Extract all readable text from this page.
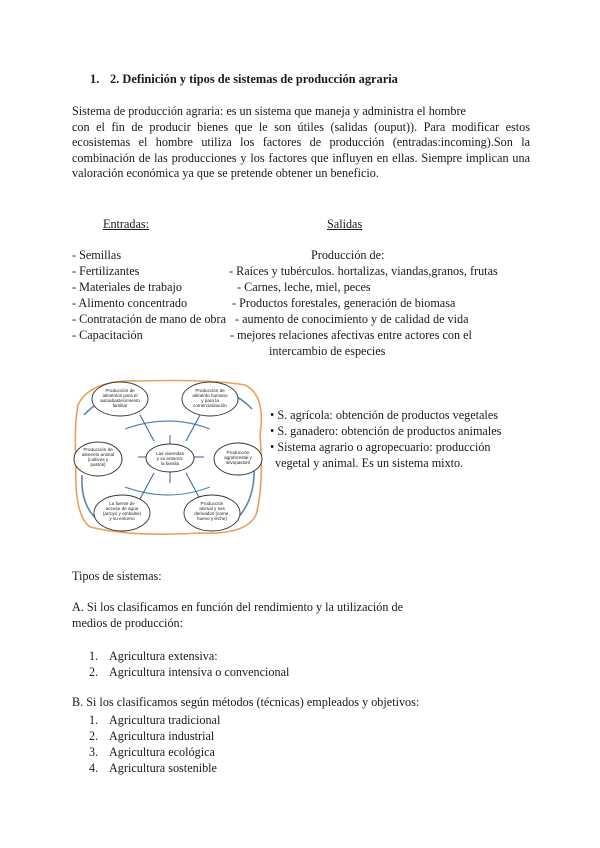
1. 2. Definición y tipos de sistemas de producción agraria
Sistema de producción agraria: es un sistema que maneja y administra el hombre
con el fin de producir bienes que le son útiles (salidas (ouput)). Para modificar estos
ecosistemas el hombre utiliza los factores de producción (entradas:incoming).Son la
combinación de las producciones y los factores que influyen en ellas. Siempre implican una
valoración económica ya que se pretende obtener un beneficio.
Entradas:	Salidas
Producción de:
- Semillas
- Fertilizantes
- Materiales de trabajo
- Alimento concentrado
- Contratación de mano de obra
- Capacitación
- Raíces y tubérculos. hortalizas, viandas,granos, frutas
- Carnes, leche, miel, peces
- Productos forestales, generación de biomasa
- aumento de conocimiento y de calidad de vida
- mejores relaciones afectivas entre actores con el
intercambio de especies
Las viviendas
y su entorno:
la familia
Producción de
alimentos para el
autoabastecimiento
familiar
Producción de
alimento humano
y para la
comercialización
Producción de
alimento animal
(cultivos y
pastos)
Producción
agroforestal y
silvopastoril
La fuente de
acceso de agua
(arroyo y embalse)
y su entorno
Producción
animal y sus
derivados (carne,
huevo y leche)
• S. agrícola: obtención de productos vegetales
• S. ganadero: obtención de productos animales
• Sistema agrario o agropecuario: producción
vegetal y animal. Es un sistema mixto.
Tipos de sistemas:
A. Si los clasificamos en función del rendimiento y la utilización de
medios de producción:
1. Agricultura extensiva:
2. Agricultura intensiva o convencional
B. Si los clasificamos según métodos (técnicas) empleados y objetivos:
1. Agricultura tradicional
2. Agricultura industrial
3. Agricultura ecológica
4. Agricultura sostenible
